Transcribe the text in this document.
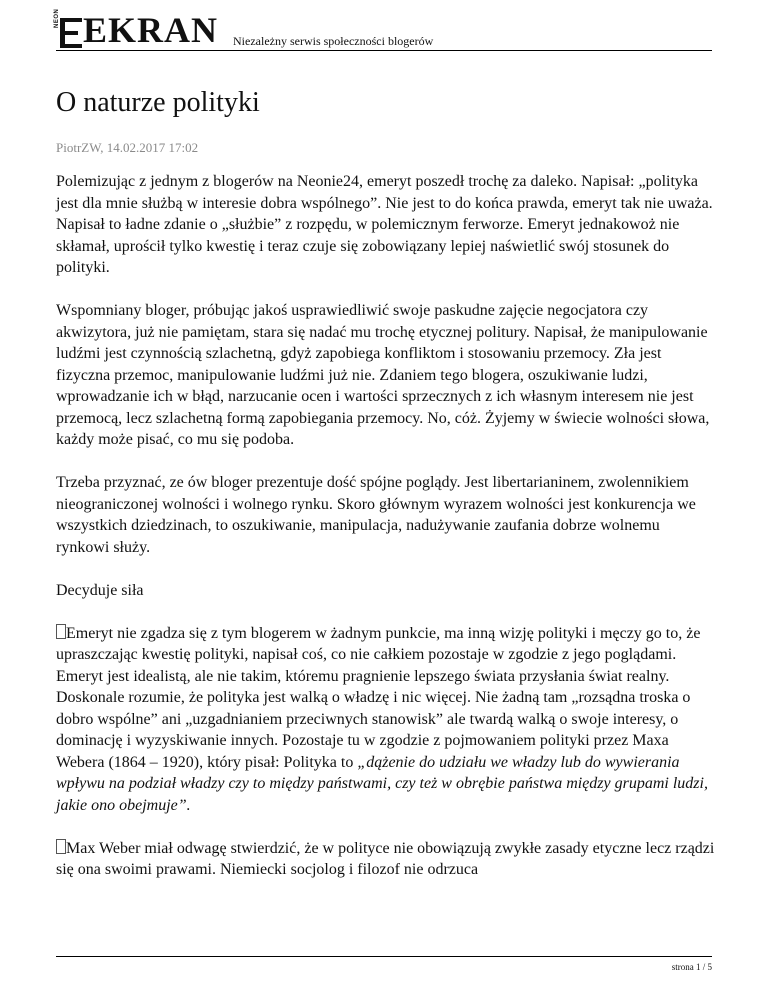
NEON EKRAN Niezależny serwis społeczności blogerów
O naturze polityki
PiotrZW, 14.02.2017 17:02

Polemizując z jednym z blogerów na Neonie24, emeryt poszedł trochę za daleko. Napisał: „polityka jest dla mnie służbą w interesie dobra wspólnego”. Nie jest to do końca prawda, emeryt tak nie uważa. Napisał to ładne zdanie o „służbie” z rozpędu, w polemicznym ferworze. Emeryt jednakowoż nie skłamał, uprościł tylko kwestię i teraz czuje się zobowiązany lepiej naświetlić swój stosunek do polityki.

Wspomniany bloger, próbując jakoś usprawiedliwić swoje paskudne zajęcie negocjatora czy akwizytora, już nie pamiętam, stara się nadać mu trochę etycznej politury. Napisał, że manipulowanie ludźmi jest czynnością szlachetną, gdyż zapobiega konfliktom i stosowaniu przemocy. Zła jest fizyczna przemoc, manipulowanie ludźmi już nie. Zdaniem tego blogera, oszukiwanie ludzi, wprowadzanie ich w błąd, narzucanie ocen i wartości sprzecznych z ich własnym interesem nie jest przemocą, lecz szlachetną formą zapobiegania przemocy. No, cóż. Żyjemy w świecie wolności słowa, każdy może pisać, co mu się podoba.

Trzeba przyznać, ze ów bloger prezentuje dość spójne poglądy. Jest libertarianinem, zwolennikiem nieograniczonej wolności i wolnego rynku. Skoro głównym wyrazem wolności jest konkurencja we wszystkich dziedzinach, to oszukiwanie, manipulacja, nadużywanie zaufania dobrze wolnemu rynkowi służy.

Decyduje siła

Emeryt nie zgadza się z tym blogerem w żadnym punkcie, ma inną wizję polityki i męczy go to, że upraszczając kwestię polityki, napisał coś, co nie całkiem pozostaje w zgodzie z jego poglądami. Emeryt jest idealistą, ale nie takim, któremu pragnienie lepszego świata przysłania świat realny. Doskonale rozumie, że polityka jest walką o władzę i nic więcej. Nie żadną tam „rozsądna troska o dobro wspólne” ani „uzgadnianiem przeciwnych stanowisk” ale twardą walką o swoje interesy, o dominację i wyzyskiwanie innych. Pozostaje tu w zgodzie z pojmowaniem polityki przez Maxa Webera (1864 – 1920), który pisał: Polityka to „dążenie do udziału we władzy lub do wywierania wpływu na podział władzy czy to między państwami, czy też w obrębie państwa między grupami ludzi, jakie ono obejmuje”.

Max Weber miał odwagę stwierdzić, że w polityce nie obowiązują zwykłe zasady etyczne lecz rządzi się ona swoimi prawami. Niemiecki socjolog i filozof nie odrzuca

strona 1 / 5
